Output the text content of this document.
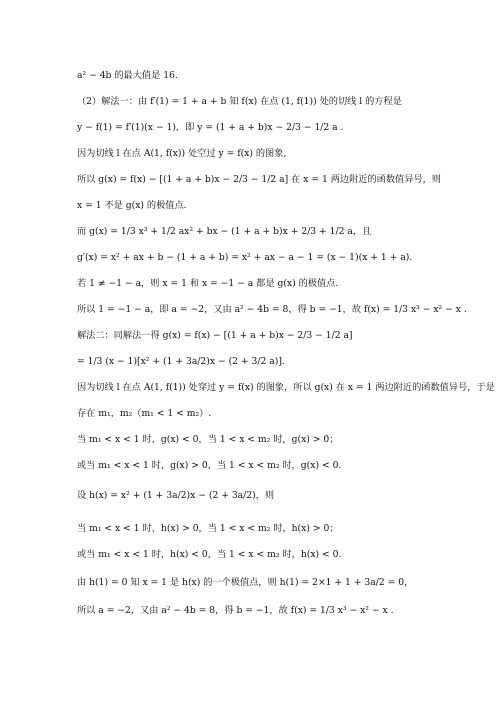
a² − 4b 的最大值是 16.
（2）解法一：由 f′(1) = 1 + a + b 知 f(x) 在点 (1, f(1)) 处的切线 l 的方程是
y − f(1) = f′(1)(x − 1)，即 y = (1 + a + b)x − 2/3 − 1/2 a .
因为切线 l 在点 A(1, f(x)) 处空过 y = f(x) 的图象,
所以 g(x) = f(x) − [(1 + a + b)x − 2/3 − 1/2 a] 在 x = 1 两边附近的函数值异号，则
x = 1 不是 g(x) 的极值点.
而 g(x) = 1/3 x³ + 1/2 ax² + bx − (1 + a + b)x + 2/3 + 1/2 a，且
g′(x) = x² + ax + b − (1 + a + b) = x² + ax − a − 1 = (x − 1)(x + 1 + a).
若 1 ≠ −1 − a，则 x = 1 和 x = −1 − a 都是 g(x) 的极值点.
所以 1 = −1 − a，即 a = −2，又由 a² − 4b = 8，得 b = −1，故 f(x) = 1/3 x³ − x² − x .
解法二：同解法一得 g(x) = f(x) − [(1 + a + b)x − 2/3 − 1/2 a]
= 1/3 (x − 1)[x² + (1 + 3a/2)x − (2 + 3/2 a)].
因为切线 l 在点 A(1, f(1)) 处穿过 y = f(x) 的图象，所以 g(x) 在 x = 1 两边附近的函数值异号，于是
存在 m₁，m₂（m₁ < 1 < m₂）.
当 m₁ < x < 1 时，g(x) < 0，当 1 < x < m₂ 时，g(x) > 0；
或当 m₁ < x < 1 时，g(x) > 0，当 1 < x < m₂ 时，g(x) < 0.
设 h(x) = x² + (1 + 3a/2)x − (2 + 3a/2)，则
当 m₁ < x < 1 时，h(x) > 0，当 1 < x < m₂ 时，h(x) > 0；
或当 m₁ < x < 1 时，h(x) < 0，当 1 < x < m₂ 时，h(x) < 0.
由 h(1) = 0 知 x = 1 是 h(x) 的一个极值点，则 h(1) = 2×1 + 1 + 3a/2 = 0，
所以 a = −2，又由 a² − 4b = 8，得 b = −1，故 f(x) = 1/3 x³ − x² − x .
